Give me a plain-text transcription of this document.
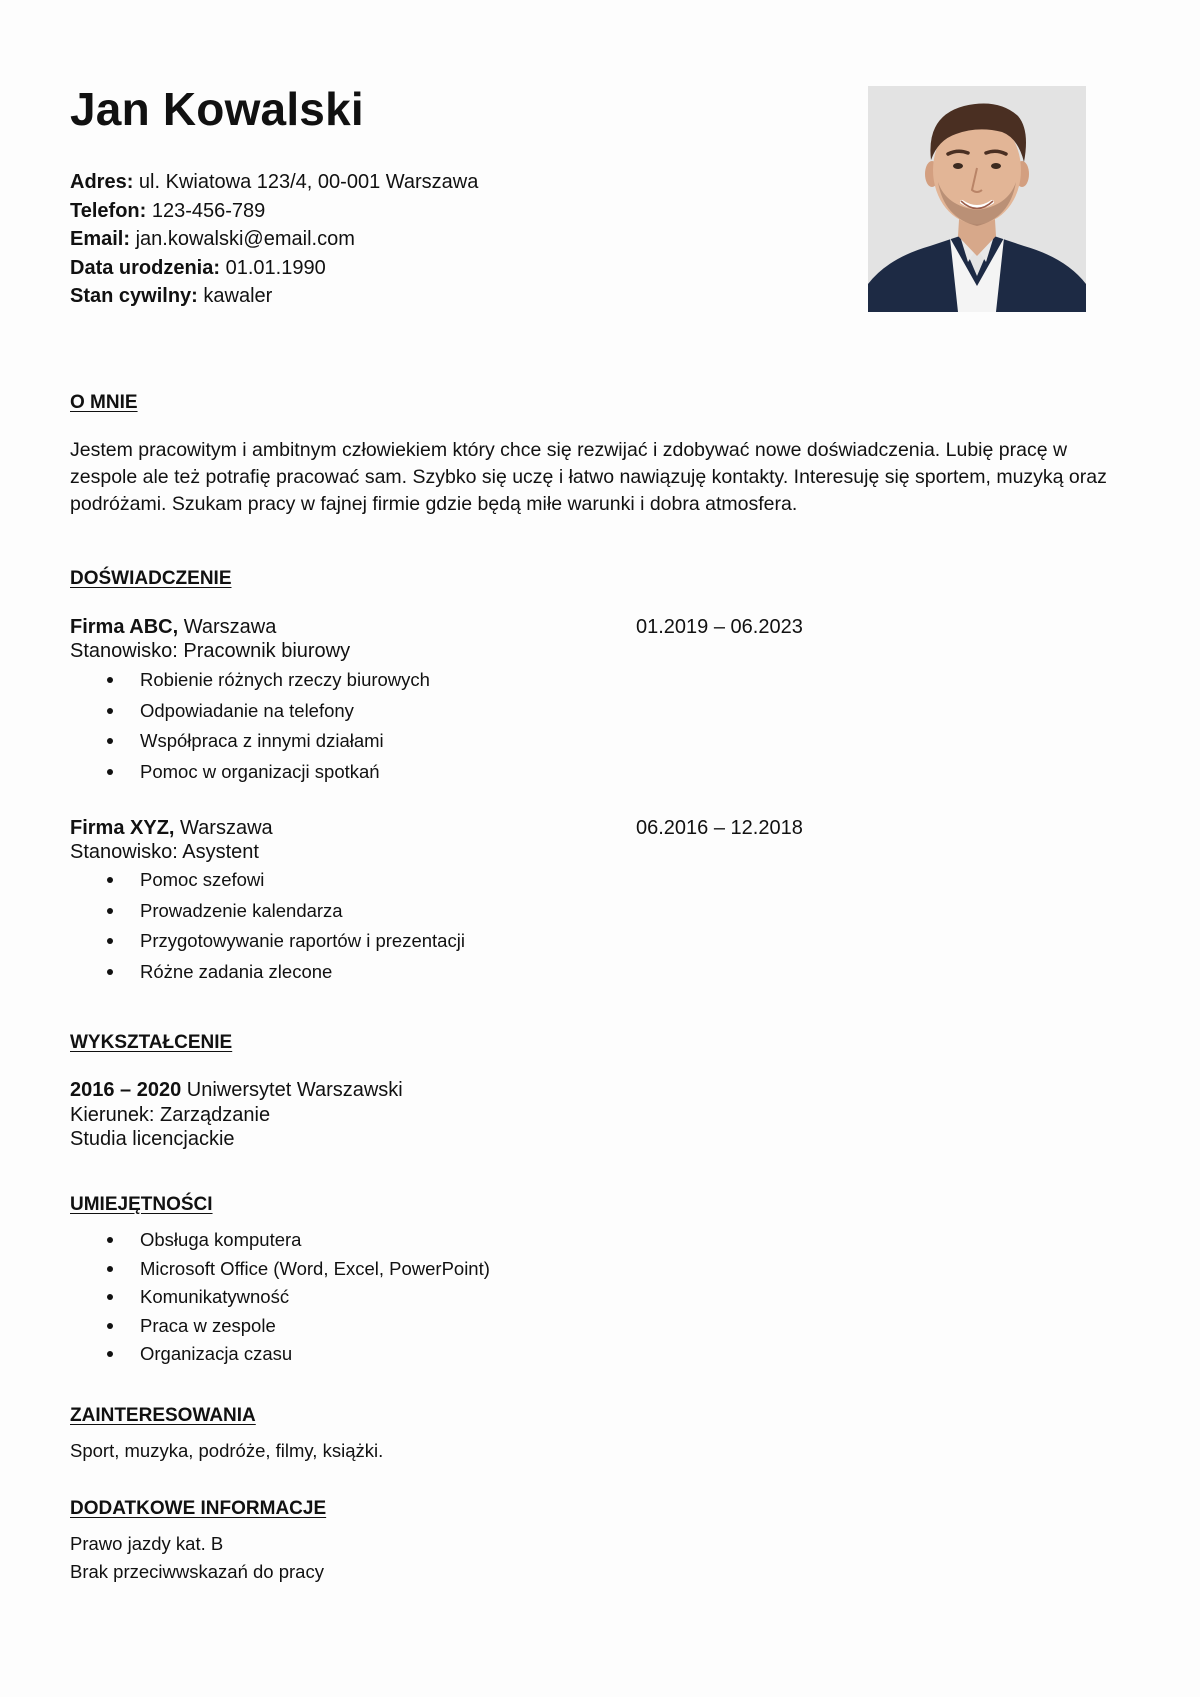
Jan Kowalski
Adres: ul. Kwiatowa 123/4, 00-001 Warszawa
Telefon: 123-456-789
Email: jan.kowalski@email.com
Data urodzenia: 01.01.1990
Stan cywilny: kawaler
O MNIE
Jestem pracowitym i ambitnym człowiekiem który chce się rezwijać i zdobywać nowe doświadczenia. Lubię pracę w zespole ale też potrafię pracować sam. Szybko się uczę i łatwo nawiązuję kontakty. Interesuję się sportem, muzyką oraz podróżami. Szukam pracy w fajnej firmie gdzie będą miłe warunki i dobra atmosfera.
DOŚWIADCZENIE
Firma ABC, Warszawa	01.2019 – 06.2023
Stanowisko: Pracownik biurowy
Robienie różnych rzeczy biurowych
Odpowiadanie na telefony
Współpraca z innymi działami
Pomoc w organizacji spotkań
Firma XYZ, Warszawa	06.2016 – 12.2018
Stanowisko: Asystent
Pomoc szefowi
Prowadzenie kalendarza
Przygotowywanie raportów i prezentacji
Różne zadania zlecone
WYKSZTAŁCENIE
2016 – 2020 Uniwersytet Warszawski
Kierunek: Zarządzanie
Studia licencjackie
UMIEJĘTNOŚCI
Obsługa komputera
Microsoft Office (Word, Excel, PowerPoint)
Komunikatywność
Praca w zespole
Organizacja czasu
ZAINTERESOWANIA
Sport, muzyka, podróże, filmy, książki.
DODATKOWE INFORMACJE
Prawo jazdy kat. B
Brak przeciwwskazań do pracy
